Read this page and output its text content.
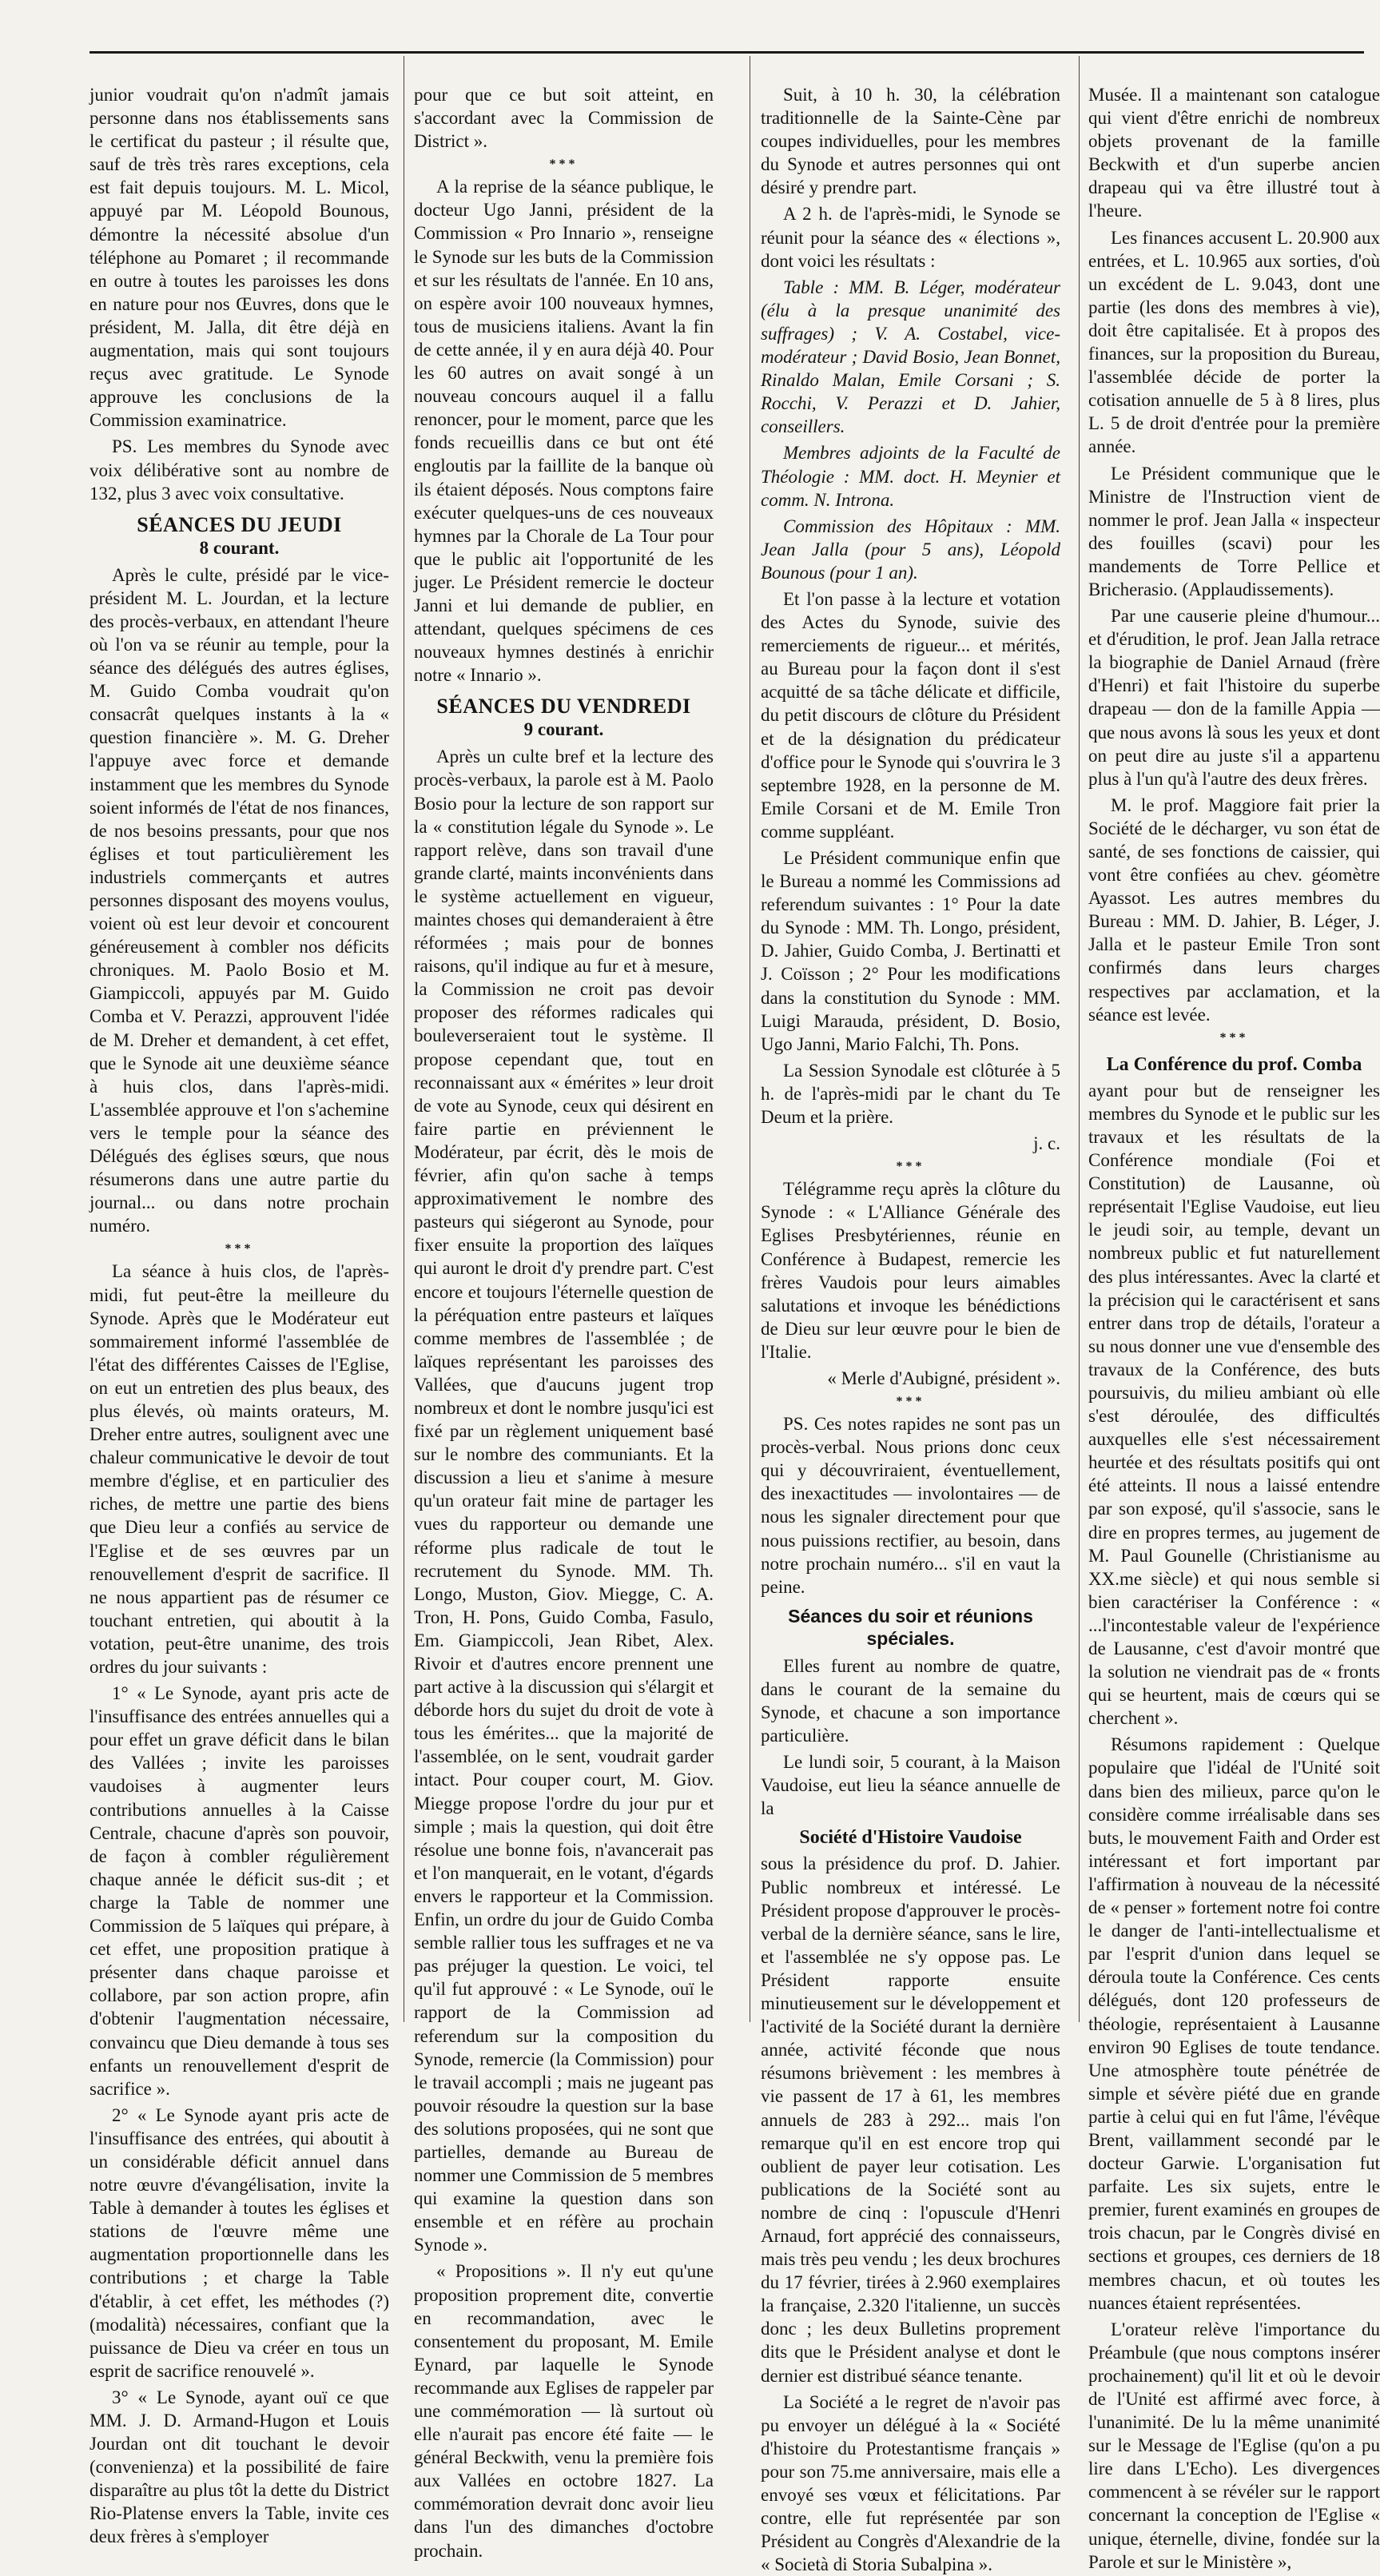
junior voudrait qu'on n'admît jamais personne dans nos établissements sans le certificat du pasteur ; il résulte que, sauf de très très rares exceptions, cela est fait depuis toujours. M. L. Micol, appuyé par M. Léopold Bounous, démontre la nécessité absolue d'un téléphone au Pomaret ; il recommande en outre à toutes les paroisses les dons en nature pour nos Œuvres, dons que le président, M. Jalla, dit être déjà en augmentation, mais qui sont toujours reçus avec gratitude. Le Synode approuve les conclusions de la Commission examinatrice.

PS. Les membres du Synode avec voix délibérative sont au nombre de 132, plus 3 avec voix consultative.

SÉANCES DU JEUDI
8 courant.

Après le culte, présidé par le vice-président M. L. Jourdan, et la lecture des procès-verbaux, en attendant l'heure où l'on va se réunir au temple, pour la séance des délégués des autres églises, M. Guido Comba voudrait qu'on consacrât quelques instants à la « question financière ». M. G. Dreher l'appuye avec force et demande instamment que les membres du Synode soient informés de l'état de nos finances, de nos besoins pressants, pour que nos églises et tout particulièrement les industriels commerçants et autres personnes disposant des moyens voulus, voient où est leur devoir et concourent généreusement à combler nos déficits chroniques. M. Paolo Bosio et M. Giampiccoli, appuyés par M. Guido Comba et V. Perazzi, approuvent l'idée de M. Dreher et demandent, à cet effet, que le Synode ait une deuxième séance à huis clos, dans l'après-midi. L'assemblée approuve et l'on s'achemine vers le temple pour la séance des Délégués des églises sœurs, que nous résumerons dans une autre partie du journal... ou dans notre prochain numéro.

***

La séance à huis clos, de l'après-midi, fut peut-être la meilleure du Synode. Après que le Modérateur eut sommairement informé l'assemblée de l'état des différentes Caisses de l'Eglise, on eut un entretien des plus beaux, des plus élevés, où maints orateurs, M. Dreher entre autres, soulignent avec une chaleur communicative le devoir de tout membre d'église, et en particulier des riches, de mettre une partie des biens que Dieu leur a confiés au service de l'Eglise et de ses œuvres par un renouvellement d'esprit de sacrifice. Il ne nous appartient pas de résumer ce touchant entretien, qui aboutit à la votation, peut-être unanime, des trois ordres du jour suivants :

1° « Le Synode, ayant pris acte de l'insuffisance des entrées annuelles qui a pour effet un grave déficit dans le bilan des Vallées ; invite les paroisses vaudoises à augmenter leurs contributions annuelles à la Caisse Centrale, chacune d'après son pouvoir, de façon à combler régulièrement chaque année le déficit sus-dit ; et charge la Table de nommer une Commission de 5 laïques qui prépare, à cet effet, une proposition pratique à présenter dans chaque paroisse et collabore, par son action propre, afin d'obtenir l'augmentation nécessaire, convaincu que Dieu demande à tous ses enfants un renouvellement d'esprit de sacrifice ».

2° « Le Synode ayant pris acte de l'insuffisance des entrées, qui aboutit à un considérable déficit annuel dans notre œuvre d'évangélisation, invite la Table à demander à toutes les églises et stations de l'œuvre même une augmentation proportionnelle dans les contributions ; et charge la Table d'établir, à cet effet, les méthodes (?) (modalità) nécessaires, confiant que la puissance de Dieu va créer en tous un esprit de sacrifice renouvelé ».

3° « Le Synode, ayant ouï ce que MM. J. D. Armand-Hugon et Louis Jourdan ont dit touchant le devoir (convenienza) et la possibilité de faire disparaître au plus tôt la dette du District Rio-Platense envers la Table, invite ces deux frères à s'employer

pour que ce but soit atteint, en s'accordant avec la Commission de District ».

***

A la reprise de la séance publique, le docteur Ugo Janni, président de la Commission « Pro Innario », renseigne le Synode sur les buts de la Commission et sur les résultats de l'année. En 10 ans, on espère avoir 100 nouveaux hymnes, tous de musiciens italiens. Avant la fin de cette année, il y en aura déjà 40. Pour les 60 autres on avait songé à un nouveau concours auquel il a fallu renoncer, pour le moment, parce que les fonds recueillis dans ce but ont été engloutis par la faillite de la banque où ils étaient déposés. Nous comptons faire exécuter quelques-uns de ces nouveaux hymnes par la Chorale de La Tour pour que le public ait l'opportunité de les juger. Le Président remercie le docteur Janni et lui demande de publier, en attendant, quelques spécimens de ces nouveaux hymnes destinés à enrichir notre « Innario ».

SÉANCES DU VENDREDI
9 courant.

Après un culte bref et la lecture des procès-verbaux, la parole est à M. Paolo Bosio pour la lecture de son rapport sur la « constitution légale du Synode ». Le rapport relève, dans son travail d'une grande clarté, maints inconvénients dans le système actuellement en vigueur, maintes choses qui demanderaient à être réformées ; mais pour de bonnes raisons, qu'il indique au fur et à mesure, la Commission ne croit pas devoir proposer des réformes radicales qui bouleverseraient tout le système. Il propose cependant que, tout en reconnaissant aux « émérites » leur droit de vote au Synode, ceux qui désirent en faire partie en préviennent le Modérateur, par écrit, dès le mois de février, afin qu'on sache à temps approximativement le nombre des pasteurs qui siégeront au Synode, pour fixer ensuite la proportion des laïques qui auront le droit d'y prendre part. C'est encore et toujours l'éternelle question de la péréquation entre pasteurs et laïques comme membres de l'assemblée ; de laïques représentant les paroisses des Vallées, que d'aucuns jugent trop nombreux et dont le nombre jusqu'ici est fixé par un règlement uniquement basé sur le nombre des communiants. Et la discussion a lieu et s'anime à mesure qu'un orateur fait mine de partager les vues du rapporteur ou demande une réforme plus radicale de tout le recrutement du Synode. MM. Th. Longo, Muston, Giov. Miegge, C. A. Tron, H. Pons, Guido Comba, Fasulo, Em. Giampiccoli, Jean Ribet, Alex. Rivoir et d'autres encore prennent une part active à la discussion qui s'élargit et déborde hors du sujet du droit de vote à tous les émérites... que la majorité de l'assemblée, on le sent, voudrait garder intact. Pour couper court, M. Giov. Miegge propose l'ordre du jour pur et simple ; mais la question, qui doit être résolue une bonne fois, n'avancerait pas et l'on manquerait, en le votant, d'égards envers le rapporteur et la Commission. Enfin, un ordre du jour de Guido Comba semble rallier tous les suffrages et ne va pas préjuger la question. Le voici, tel qu'il fut approuvé : « Le Synode, ouï le rapport de la Commission ad referendum sur la composition du Synode, remercie (la Commission) pour le travail accompli ; mais ne jugeant pas pouvoir résoudre la question sur la base des solutions proposées, qui ne sont que partielles, demande au Bureau de nommer une Commission de 5 membres qui examine la question dans son ensemble et en réfère au prochain Synode ».

« Propositions ». Il n'y eut qu'une proposition proprement dite, convertie en recommandation, avec le consentement du proposant, M. Emile Eynard, par laquelle le Synode recommande aux Eglises de rappeler par une commémoration — là surtout où elle n'aurait pas encore été faite — le général Beckwith, venu la première fois aux Vallées en octobre 1827. La commémoration devrait donc avoir lieu dans l'un des dimanches d'octobre prochain.

Suit, à 10 h. 30, la célébration traditionnelle de la Sainte-Cène par coupes individuelles, pour les membres du Synode et autres personnes qui ont désiré y prendre part.

A 2 h. de l'après-midi, le Synode se réunit pour la séance des « élections », dont voici les résultats :

Table : MM. B. Léger, modérateur (élu à la presque unanimité des suffrages) ; V. A. Costabel, vice-modérateur ; David Bosio, Jean Bonnet, Rinaldo Malan, Emile Corsani ; S. Rocchi, V. Perazzi et D. Jahier, conseillers.

Membres adjoints de la Faculté de Théologie : MM. doct. H. Meynier et comm. N. Introna.

Commission des Hôpitaux : MM. Jean Jalla (pour 5 ans), Léopold Bounous (pour 1 an).

Et l'on passe à la lecture et votation des Actes du Synode, suivie des remerciements de rigueur... et mérités, au Bureau pour la façon dont il s'est acquitté de sa tâche délicate et difficile, du petit discours de clôture du Président et de la désignation du prédicateur d'office pour le Synode qui s'ouvrira le 3 septembre 1928, en la personne de M. Emile Corsani et de M. Emile Tron comme suppléant.

Le Président communique enfin que le Bureau a nommé les Commissions ad referendum suivantes : 1° Pour la date du Synode : MM. Th. Longo, président, D. Jahier, Guido Comba, J. Bertinatti et J. Coïsson ; 2° Pour les modifications dans la constitution du Synode : MM. Luigi Marauda, président, D. Bosio, Ugo Janni, Mario Falchi, Th. Pons.

La Session Synodale est clôturée à 5 h. de l'après-midi par le chant du Te Deum et la prière.

j. c.
***

Télégramme reçu après la clôture du Synode : « L'Alliance Générale des Eglises Presbytériennes, réunie en Conférence à Budapest, remercie les frères Vaudois pour leurs aimables salutations et invoque les bénédictions de Dieu sur leur œuvre pour le bien de l'Italie.

« Merle d'Aubigné, président ».
***

PS. Ces notes rapides ne sont pas un procès-verbal. Nous prions donc ceux qui y découvriraient, éventuellement, des inexactitudes — involontaires — de nous les signaler directement pour que nous puissions rectifier, au besoin, dans notre prochain numéro... s'il en vaut la peine.

Séances du soir et réunions spéciales.

Elles furent au nombre de quatre, dans le courant de la semaine du Synode, et chacune a son importance particulière.

Le lundi soir, 5 courant, à la Maison Vaudoise, eut lieu la séance annuelle de la

Société d'Histoire Vaudoise

sous la présidence du prof. D. Jahier. Public nombreux et intéressé. Le Président propose d'approuver le procès-verbal de la dernière séance, sans le lire, et l'assemblée ne s'y oppose pas. Le Président rapporte ensuite minutieusement sur le développement et l'activité de la Société durant la dernière année, activité féconde que nous résumons brièvement : les membres à vie passent de 17 à 61, les membres annuels de 283 à 292... mais l'on remarque qu'il en est encore trop qui oublient de payer leur cotisation. Les publications de la Société sont au nombre de cinq : l'opuscule d'Henri Arnaud, fort apprécié des connaisseurs, mais très peu vendu ; les deux brochures du 17 février, tirées à 2.960 exemplaires la française, 2.320 l'italienne, un succès donc ; les deux Bulletins proprement dits que le Président analyse et dont le dernier est distribué séance tenante.

La Société a le regret de n'avoir pas pu envoyer un délégué à la « Société d'histoire du Protestantisme français » pour son 75.me anniversaire, mais elle a envoyé ses vœux et félicitations. Par contre, elle fut représentée par son Président au Congrès d'Alexandrie de la « Società di Storia Subalpina ».

Musée. Il a maintenant son catalogue qui vient d'être enrichi de nombreux objets provenant de la famille Beckwith et d'un superbe ancien drapeau qui va être illustré tout à l'heure.

Les finances accusent L. 20.900 aux entrées, et L. 10.965 aux sorties, d'où un excédent de L. 9.043, dont une partie (les dons des membres à vie), doit être capitalisée. Et à propos des finances, sur la proposition du Bureau, l'assemblée décide de porter la cotisation annuelle de 5 à 8 lires, plus L. 5 de droit d'entrée pour la première année.

Le Président communique que le Ministre de l'Instruction vient de nommer le prof. Jean Jalla « inspecteur des fouilles (scavi) pour les mandements de Torre Pellice et Bricherasio. (Applaudissements).

Par une causerie pleine d'humour... et d'érudition, le prof. Jean Jalla retrace la biographie de Daniel Arnaud (frère d'Henri) et fait l'histoire du superbe drapeau — don de la famille Appia — que nous avons là sous les yeux et dont on peut dire au juste s'il a appartenu plus à l'un qu'à l'autre des deux frères.

M. le prof. Maggiore fait prier la Société de le décharger, vu son état de santé, de ses fonctions de caissier, qui vont être confiées au chev. géomètre Ayassot. Les autres membres du Bureau : MM. D. Jahier, B. Léger, J. Jalla et le pasteur Emile Tron sont confirmés dans leurs charges respectives par acclamation, et la séance est levée.

***
La Conférence du prof. Comba

ayant pour but de renseigner les membres du Synode et le public sur les travaux et les résultats de la Conférence mondiale (Foi et Constitution) de Lausanne, où représentait l'Eglise Vaudoise, eut lieu le jeudi soir, au temple, devant un nombreux public et fut naturellement des plus intéressantes. Avec la clarté et la précision qui le caractérisent et sans entrer dans trop de détails, l'orateur a su nous donner une vue d'ensemble des travaux de la Conférence, des buts poursuivis, du milieu ambiant où elle s'est déroulée, des difficultés auxquelles elle s'est nécessairement heurtée et des résultats positifs qui ont été atteints. Il nous a laissé entendre par son exposé, qu'il s'associe, sans le dire en propres termes, au jugement de M. Paul Gounelle (Christianisme au XX.me siècle) et qui nous semble si bien caractériser la Conférence : « ...l'incontestable valeur de l'expérience de Lausanne, c'est d'avoir montré que la solution ne viendrait pas de « fronts qui se heurtent, mais de cœurs qui se cherchent ».

Résumons rapidement : Quelque populaire que l'idéal de l'Unité soit dans bien des milieux, parce qu'on le considère comme irréalisable dans ses buts, le mouvement Faith and Order est intéressant et fort important par l'affirmation à nouveau de la nécessité de « penser » fortement notre foi contre le danger de l'anti-intellectualisme et par l'esprit d'union dans lequel se déroula toute la Conférence. Ces cents délégués, dont 120 professeurs de théologie, représentaient à Lausanne environ 90 Eglises de toute tendance. Une atmosphère toute pénétrée de simple et sévère piété due en grande partie à celui qui en fut l'âme, l'évêque Brent, vaillamment secondé par le docteur Garwie. L'organisation fut parfaite. Les six sujets, entre le premier, furent examinés en groupes de trois chacun, par le Congrès divisé en sections et groupes, ces derniers de 18 membres chacun, et où toutes les nuances étaient représentées.

L'orateur relève l'importance du Préambule (que nous comptons insérer prochainement) qu'il lit et où le devoir de l'Unité est affirmé avec force, à l'unanimité. De lu la même unanimité sur le Message de l'Eglise (qu'on a pu lire dans L'Echo). Les divergences commencent à se révéler sur le rapport concernant la conception de l'Eglise « unique, éternelle, divine, fondée sur la Parole et sur le Ministère »,
